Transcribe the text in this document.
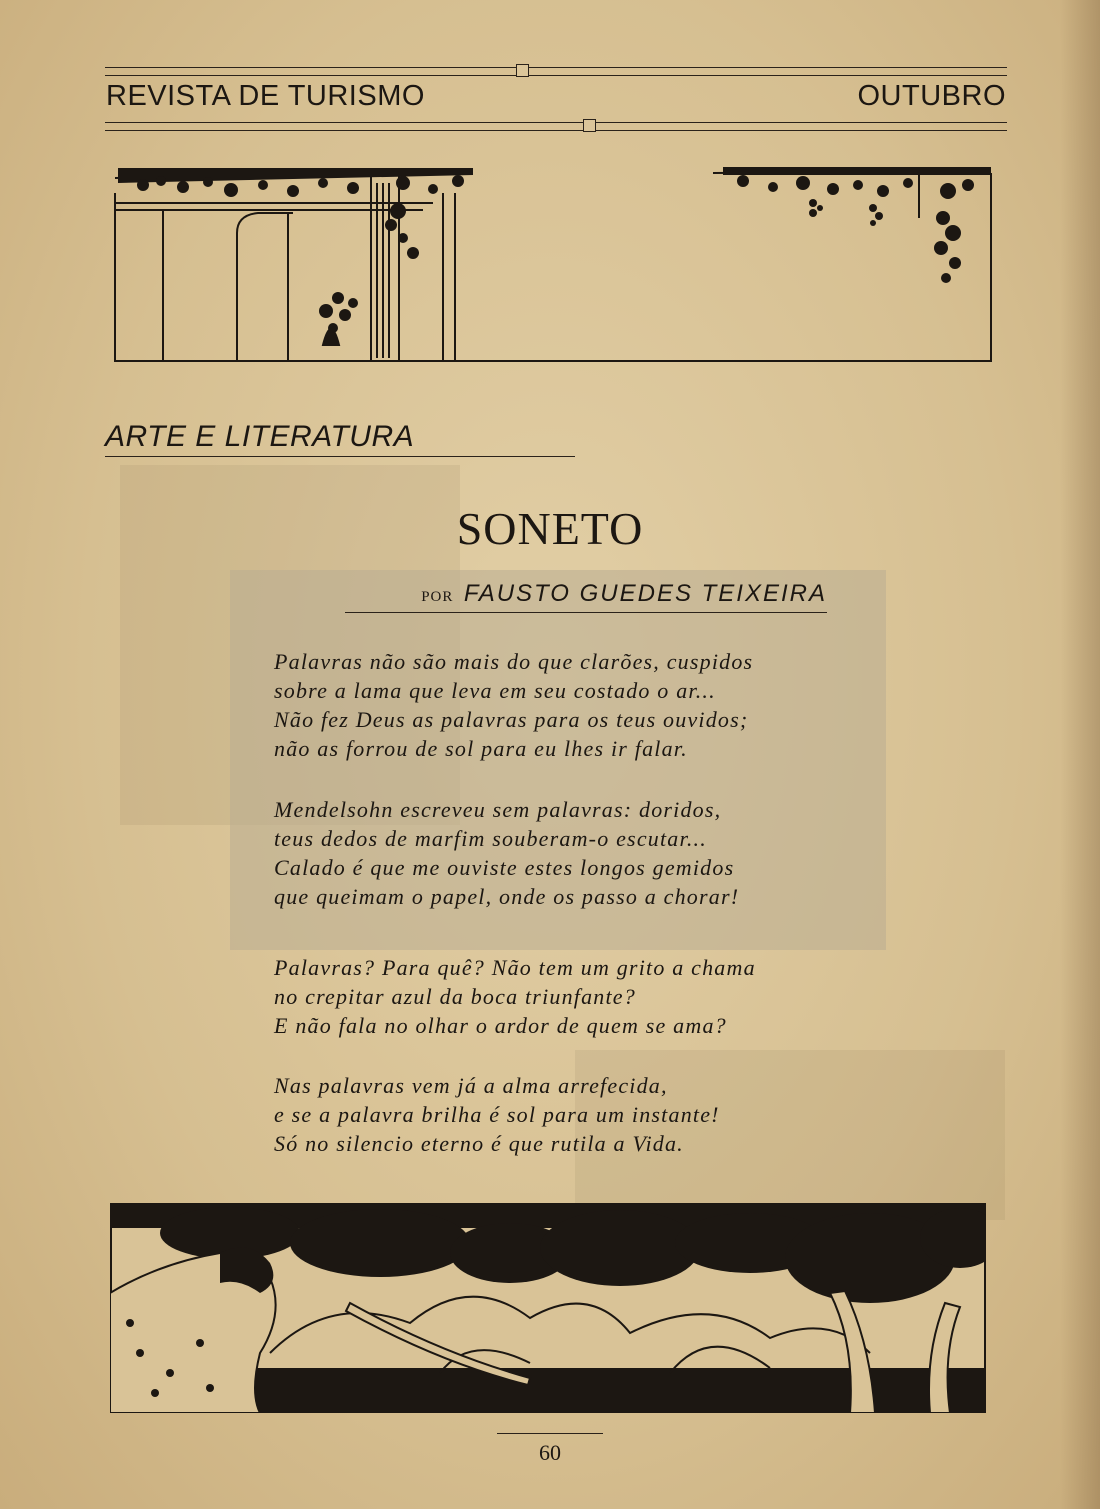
REVISTA DE TURISMO	OUTUBRO
ARTE E LITERATURA
SONETO
POR FAUSTO GUEDES TEIXEIRA
Palavras não são mais do que clarões, cuspidos
sobre a lama que leva em seu costado o ar...
Não fez Deus as palavras para os teus ouvidos;
não as forrou de sol para eu lhes ir falar.
Mendelsohn escreveu sem palavras: doridos,
teus dedos de marfim souberam-o escutar...
Calado é que me ouviste estes longos gemidos
que queimam o papel, onde os passo a chorar!
Palavras? Para quê? Não tem um grito a chama
no crepitar azul da boca triunfante?
E não fala no olhar o ardor de quem se ama?
Nas palavras vem já a alma arrefecida,
e se a palavra brilha é sol para um instante!
Só no silencio eterno é que rutila a Vida.
60
